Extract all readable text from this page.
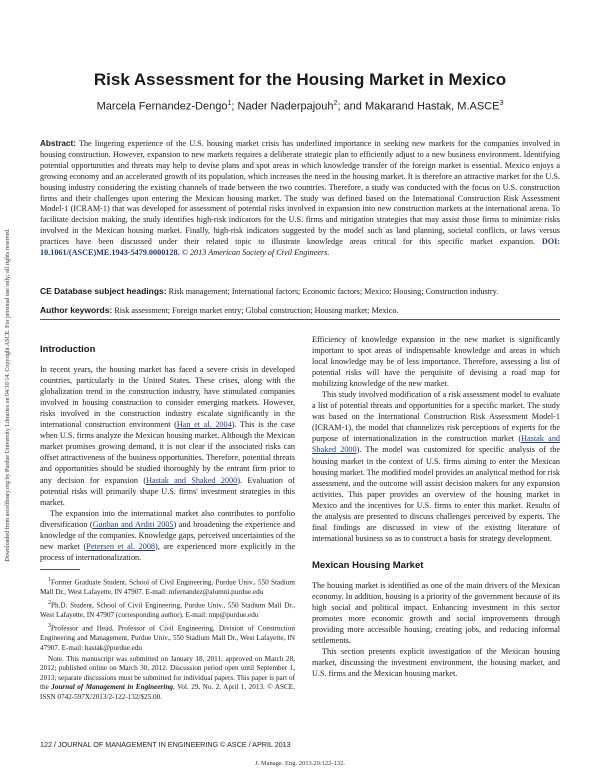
Risk Assessment for the Housing Market in Mexico
Marcela Fernandez-Dengo$^1$; Nader Naderpajouh$^2$; and Makarand Hastak, M.ASCE$^3$
Downloaded from ascelibrary.org by Purdue University Libraries on 04/10/14. Copyright ASCE. For personal use only; all rights reserved.
Abstract: The lingering experience of the U.S. housing market crisis has underlined importance in seeking new markets for the companies involved in housing construction. However, expansion to new markets requires a deliberate strategic plan to efficiently adjust to a new business environment. Identifying potential opportunities and threats may help to devise plans and spot areas in which knowledge transfer of the foreign market is essential. Mexico enjoys a growing economy and an accelerated growth of its population, which increases the need in the housing market. It is therefore an attractive market for the U.S. housing industry considering the existing channels of trade between the two countries. Therefore, a study was conducted with the focus on U.S. construction firms and their challenges upon entering the Mexican housing market. The study was defined based on the International Construction Risk Assessment Model-1 (ICRAM-1) that was developed for assessment of potential risks involved in expansion into new construction markets at the international arena. To facilitate decision making, the study identifies high-risk indicators for the U.S. firms and mitigation strategies that may assist those firms to minimize risks involved in the Mexican housing market. Finally, high-risk indicators suggested by the model such as land planning, societal conflicts, or laws versus practices have been discussed under their related topic to illustrate knowledge areas critical for this specific market expansion. DOI: 10.1061/(ASCE)ME.1943-5479.0000128. © 2013 American Society of Civil Engineers.
CE Database subject headings: Risk management; International factors; Economic factors; Mexico; Housing; Construction industry.
Author keywords: Risk assessment; Foreign market entry; Global construction; Housing market; Mexico.
Introduction

In recent years, the housing market has faced a severe crisis in developed countries, particularly in the United States. These crises, along with the globalization trend in the construction industry, have stimulated companies involved in housing construction to consider emerging markets. However, risks involved in the construction industry escalate significantly in the international construction environment (Han et al. 2004). This is the case when U.S. firms analyze the Mexican housing market. Although the Mexican market promises growing demand, it is not clear if the associated risks can offset attractiveness of the business opportunities. Therefore, potential threats and opportunities should be studied thoroughly by the entrant firm prior to any decision for expansion (Hastak and Shaked 2000). Evaluation of potential risks will primarily shape U.S. firms' investment strategies in this market.

The expansion into the international market also contributes to portfolio diversification (Gunhan and Arditi 2005) and broadening the experience and knowledge of the companies. Knowledge gaps, perceived uncertainties of the new market (Petersen et al. 2008), are experienced more explicitly in the process of internationalization.

$^1$Former Graduate Student, School of Civil Engineering, Purdue Univ., 550 Stadium Mall Dr., West Lafayette, IN 47907. E-mail: mfernandez@alumni.purdue.edu

$^2$Ph.D. Student, School of Civil Engineering, Purdue Univ., 550 Stadium Mall Dr., West Lafayette, IN 47907 (corresponding author). E-mail: nnp@purdue.edu

$^3$Professor and Head, Professor of Civil Engineering, Division of Construction Engineering and Management, Purdue Univ., 550 Stadium Mall Dr., West Lafayette, IN 47907. E-mail: hastak@purdue.edu

Note. This manuscript was submitted on January 18, 2011; approved on March 28, 2012; published online on March 30, 2012. Discussion period open until September 1, 2013; separate discussions must be submitted for individual papers. This paper is part of the Journal of Management in Engineering, Vol. 29, No. 2, April 1, 2013. © ASCE, ISSN 0742-597X/2013/2-122-132/$25.00.

Efficiency of knowledge expansion in the new market is significantly important to spot areas of indispensable knowledge and areas in which local knowledge may be of less importance. Therefore, assessing a list of potential risks will have the perquisite of devising a road map for mobilizing knowledge of the new market.

This study involved modification of a risk assessment model to evaluate a list of potential threats and opportunities for a specific market. The study was based on the International Construction Risk Assessment Model-1 (ICRAM-1), the model that channelizes risk perceptions of experts for the purpose of internationalization in the construction market (Hastak and Shaked 2000). The model was customized for specific analysis of the housing market in the context of U.S. firms aiming to enter the Mexican housing market. The modified model provides an analytical method for risk assessment, and the outcome will assist decision makers for any expansion activities. This paper provides an overview of the housing market in Mexico and the incentives for U.S. firms to enter this market. Results of the analysis are presented to discuss challenges perceived by experts. The final findings are discussed in view of the existing literature of international business so as to construct a basis for strategy development.

Mexican Housing Market

The housing market is identified as one of the main drivers of the Mexican economy. In addition, housing is a priority of the government because of its high social and political impact. Enhancing investment in this sector promotes more economic growth and social improvements through providing more accessible housing, creating jobs, and reducing informal settlements.

This section presents explicit investigation of the Mexican housing market, discussing the investment environment, the housing market, and U.S. firms and the Mexican housing market.

122 / JOURNAL OF MANAGEMENT IN ENGINEERING © ASCE / APRIL 2013
J. Manage. Eng. 2013.29:122-132.
